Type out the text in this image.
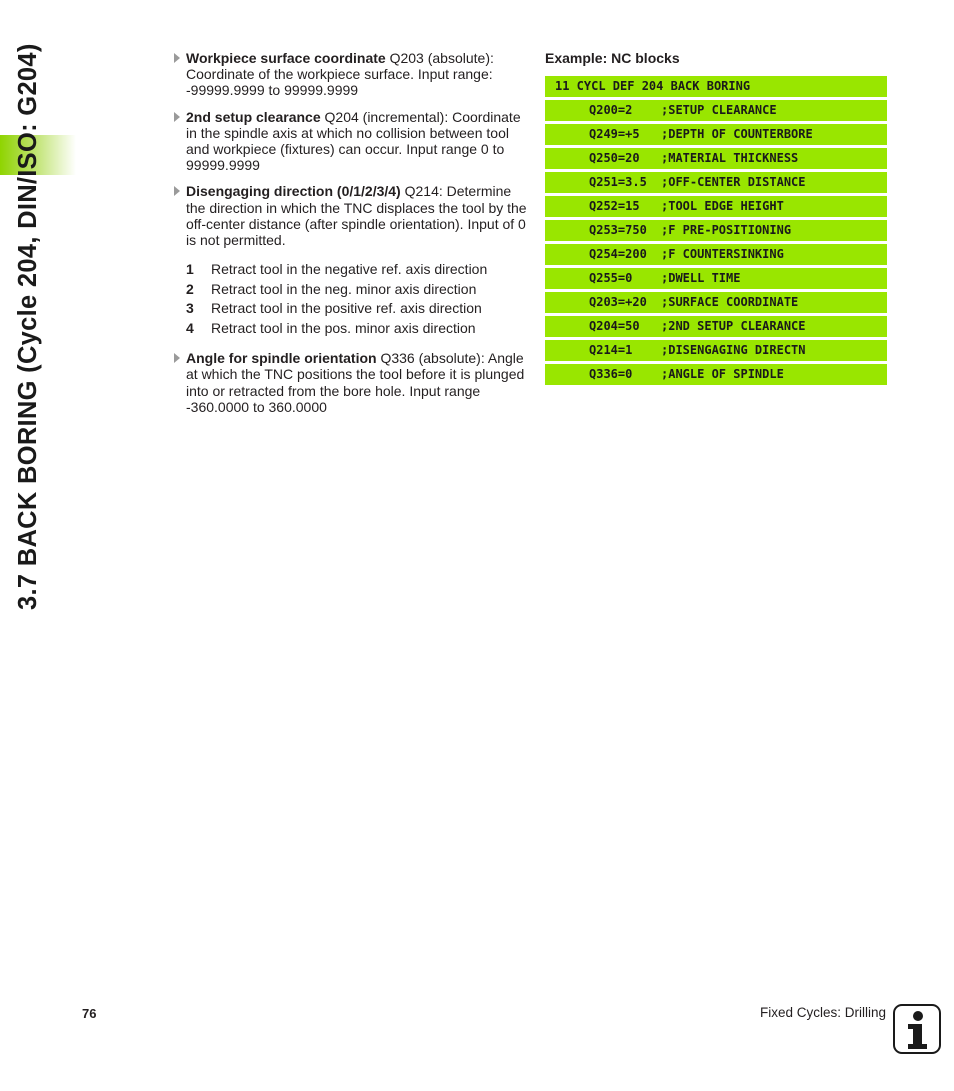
3.7 BACK BORING (Cycle 204, DIN/ISO: G204)	Workpiece surface coordinate Q203 (absolute): Coordinate of the workpiece surface. Input range: -99999.9999 to 99999.9999
2nd setup clearance Q204 (incremental): Coordinate in the spindle axis at which no collision between tool and workpiece (fixtures) can occur. Input range 0 to 99999.9999
Disengaging direction (0/1/2/3/4) Q214: Determine the direction in which the TNC displaces the tool by the off-center distance (after spindle orientation). Input of 0 is not permitted.
1	Retract tool in the negative ref. axis direction
2	Retract tool in the neg. minor axis direction
3	Retract tool in the positive ref. axis direction
4	Retract tool in the pos. minor axis direction
Angle for spindle orientation Q336 (absolute): Angle at which the TNC positions the tool before it is plunged into or retracted from the bore hole. Input range -360.0000 to 360.0000
Example: NC blocks
11 CYCL DEF 204 BACK BORING
Q200=2 ;SETUP CLEARANCE
Q249=+5 ;DEPTH OF COUNTERBORE
Q250=20 ;MATERIAL THICKNESS
Q251=3.5 ;OFF-CENTER DISTANCE
Q252=15 ;TOOL EDGE HEIGHT
Q253=750 ;F PRE-POSITIONING
Q254=200 ;F COUNTERSINKING
Q255=0 ;DWELL TIME
Q203=+20 ;SURFACE COORDINATE
Q204=50 ;2ND SETUP CLEARANCE
Q214=1 ;DISENGAGING DIRECTN
Q336=0 ;ANGLE OF SPINDLE
76	Fixed Cycles: Drilling
